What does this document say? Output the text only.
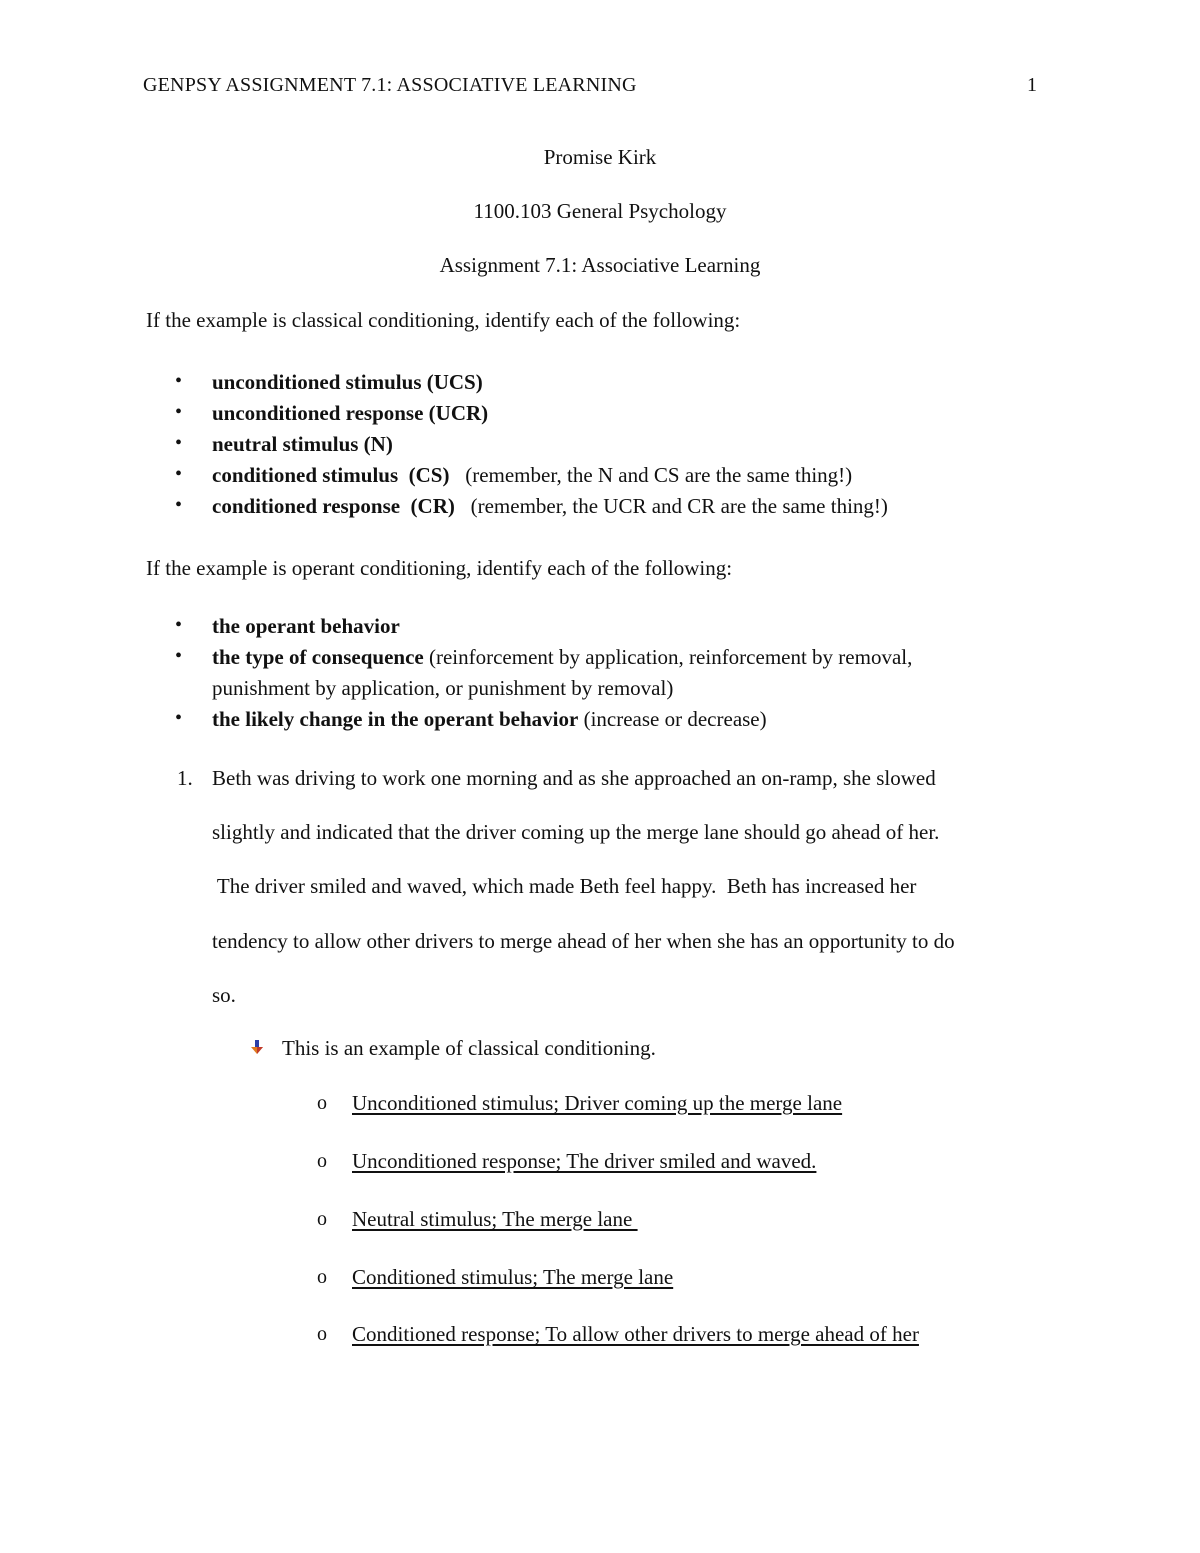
GENPSY ASSIGNMENT 7.1: ASSOCIATIVE LEARNING	1
Promise Kirk
1100.103 General Psychology
Assignment 7.1: Associative Learning
If the example is classical conditioning, identify each of the following:
• unconditioned stimulus (UCS)
• unconditioned response (UCR)
• neutral stimulus (N)
• conditioned stimulus  (CS)   (remember, the N and CS are the same thing!)
• conditioned response  (CR)   (remember, the UCR and CR are the same thing!)
If the example is operant conditioning, identify each of the following:
• the operant behavior
• the type of consequence (reinforcement by application, reinforcement by removal,
punishment by application, or punishment by removal)
• the likely change in the operant behavior (increase or decrease)
1. Beth was driving to work one morning and as she approached an on-ramp, she slowed
slightly and indicated that the driver coming up the merge lane should go ahead of her.
The driver smiled and waved, which made Beth feel happy.  Beth has increased her
tendency to allow other drivers to merge ahead of her when she has an opportunity to do
so.
This is an example of classical conditioning.
o Unconditioned stimulus; Driver coming up the merge lane
o Unconditioned response; The driver smiled and waved.
o Neutral stimulus; The merge lane
o Conditioned stimulus; The merge lane
o Conditioned response; To allow other drivers to merge ahead of her
